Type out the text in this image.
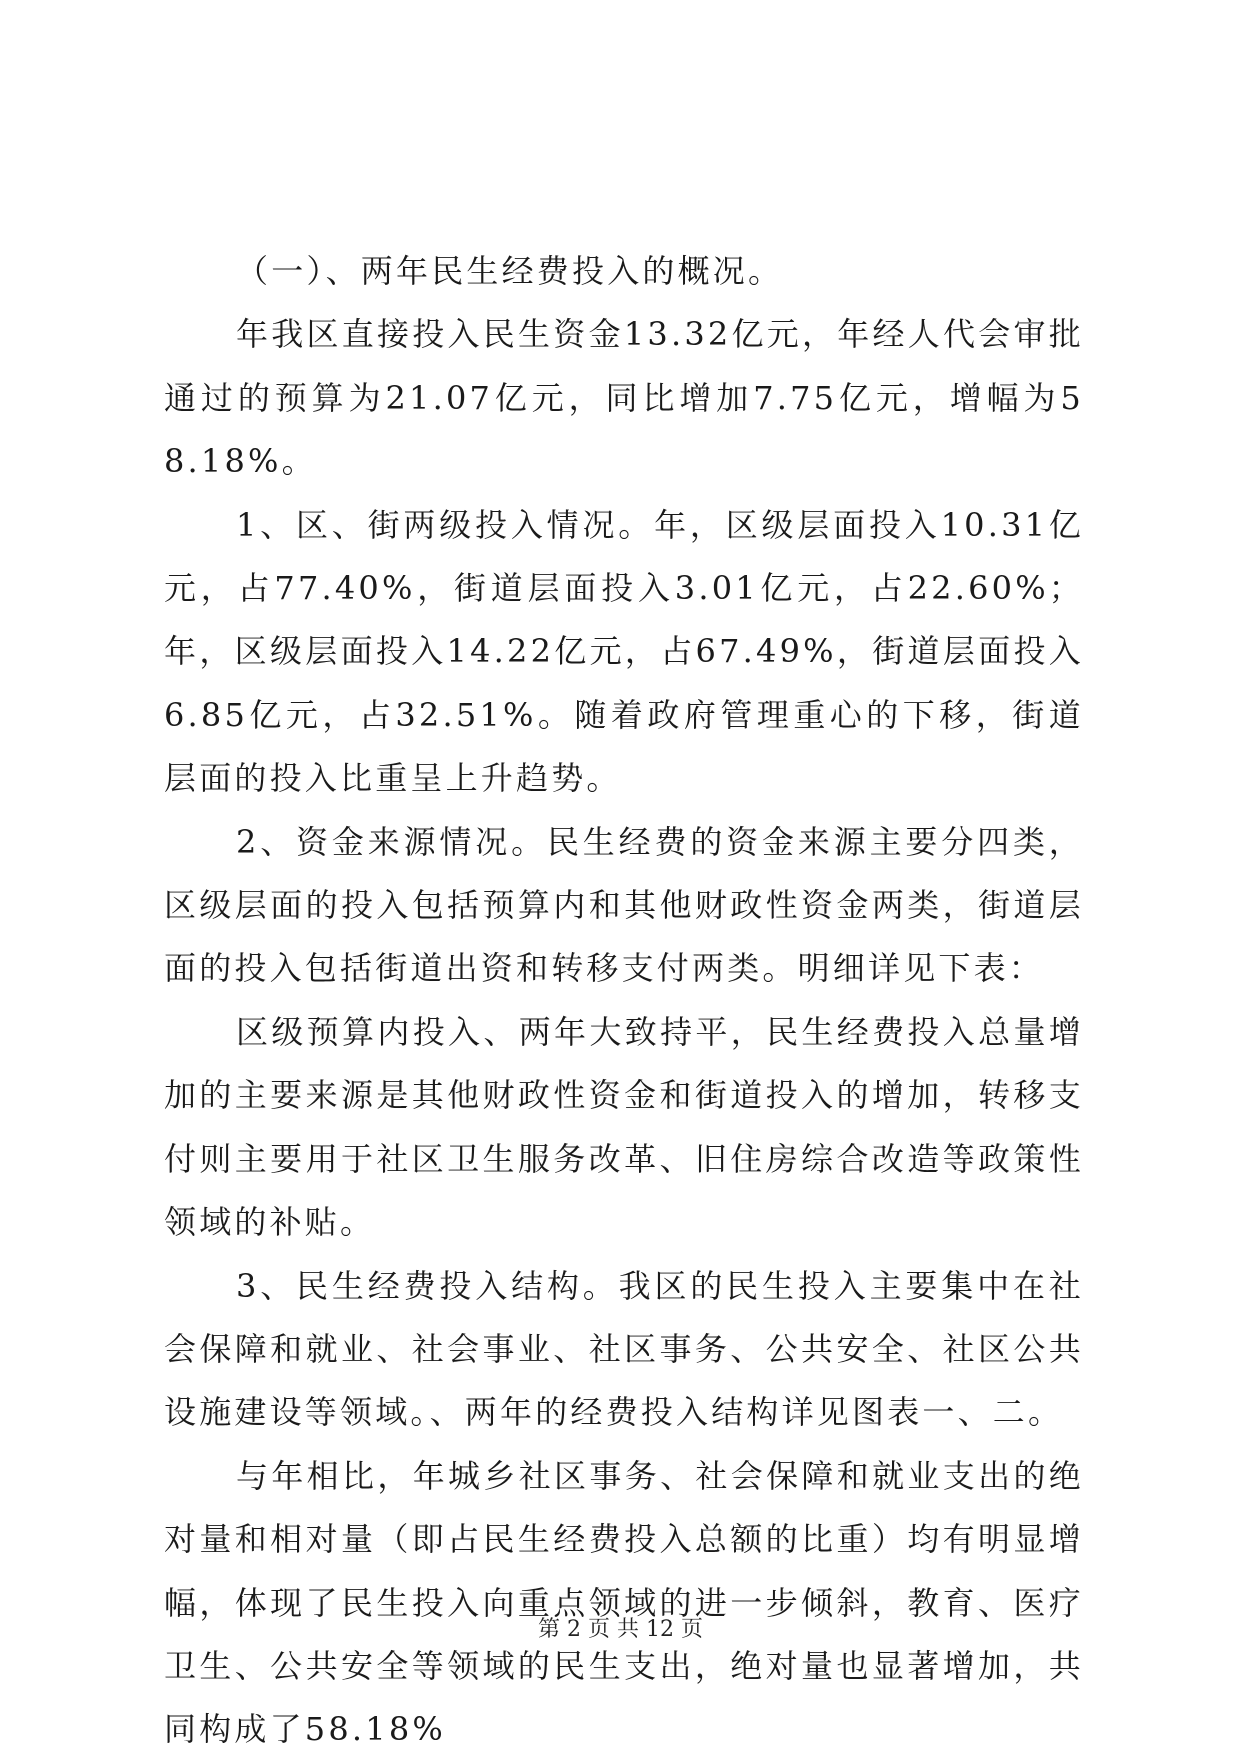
（一）、两年民生经费投入的概况。

年我区直接投入民生资金13.32亿元，年经人代会审批通过的预算为21.07亿元，同比增加7.75亿元，增幅为58.18%。

1、区、街两级投入情况。年，区级层面投入10.31亿元，占77.40%，街道层面投入3.01亿元，占22.60%；年，区级层面投入14.22亿元，占67.49%，街道层面投入6.85亿元，占32.51%。随着政府管理重心的下移，街道层面的投入比重呈上升趋势。

2、资金来源情况。民生经费的资金来源主要分四类，区级层面的投入包括预算内和其他财政性资金两类，街道层面的投入包括街道出资和转移支付两类。明细详见下表：

区级预算内投入、两年大致持平，民生经费投入总量增加的主要来源是其他财政性资金和街道投入的增加，转移支付则主要用于社区卫生服务改革、旧住房综合改造等政策性领域的补贴。

3、民生经费投入结构。我区的民生投入主要集中在社会保障和就业、社会事业、社区事务、公共安全、社区公共设施建设等领域。、两年的经费投入结构详见图表一、二。

与年相比，年城乡社区事务、社会保障和就业支出的绝对量和相对量（即占民生经费投入总额的比重）均有明显增幅，体现了民生投入向重点领域的进一步倾斜，教育、医疗卫生、公共安全等领域的民生支出，绝对量也显著增加，共同构成了58.18%

第 2 页 共 12 页
